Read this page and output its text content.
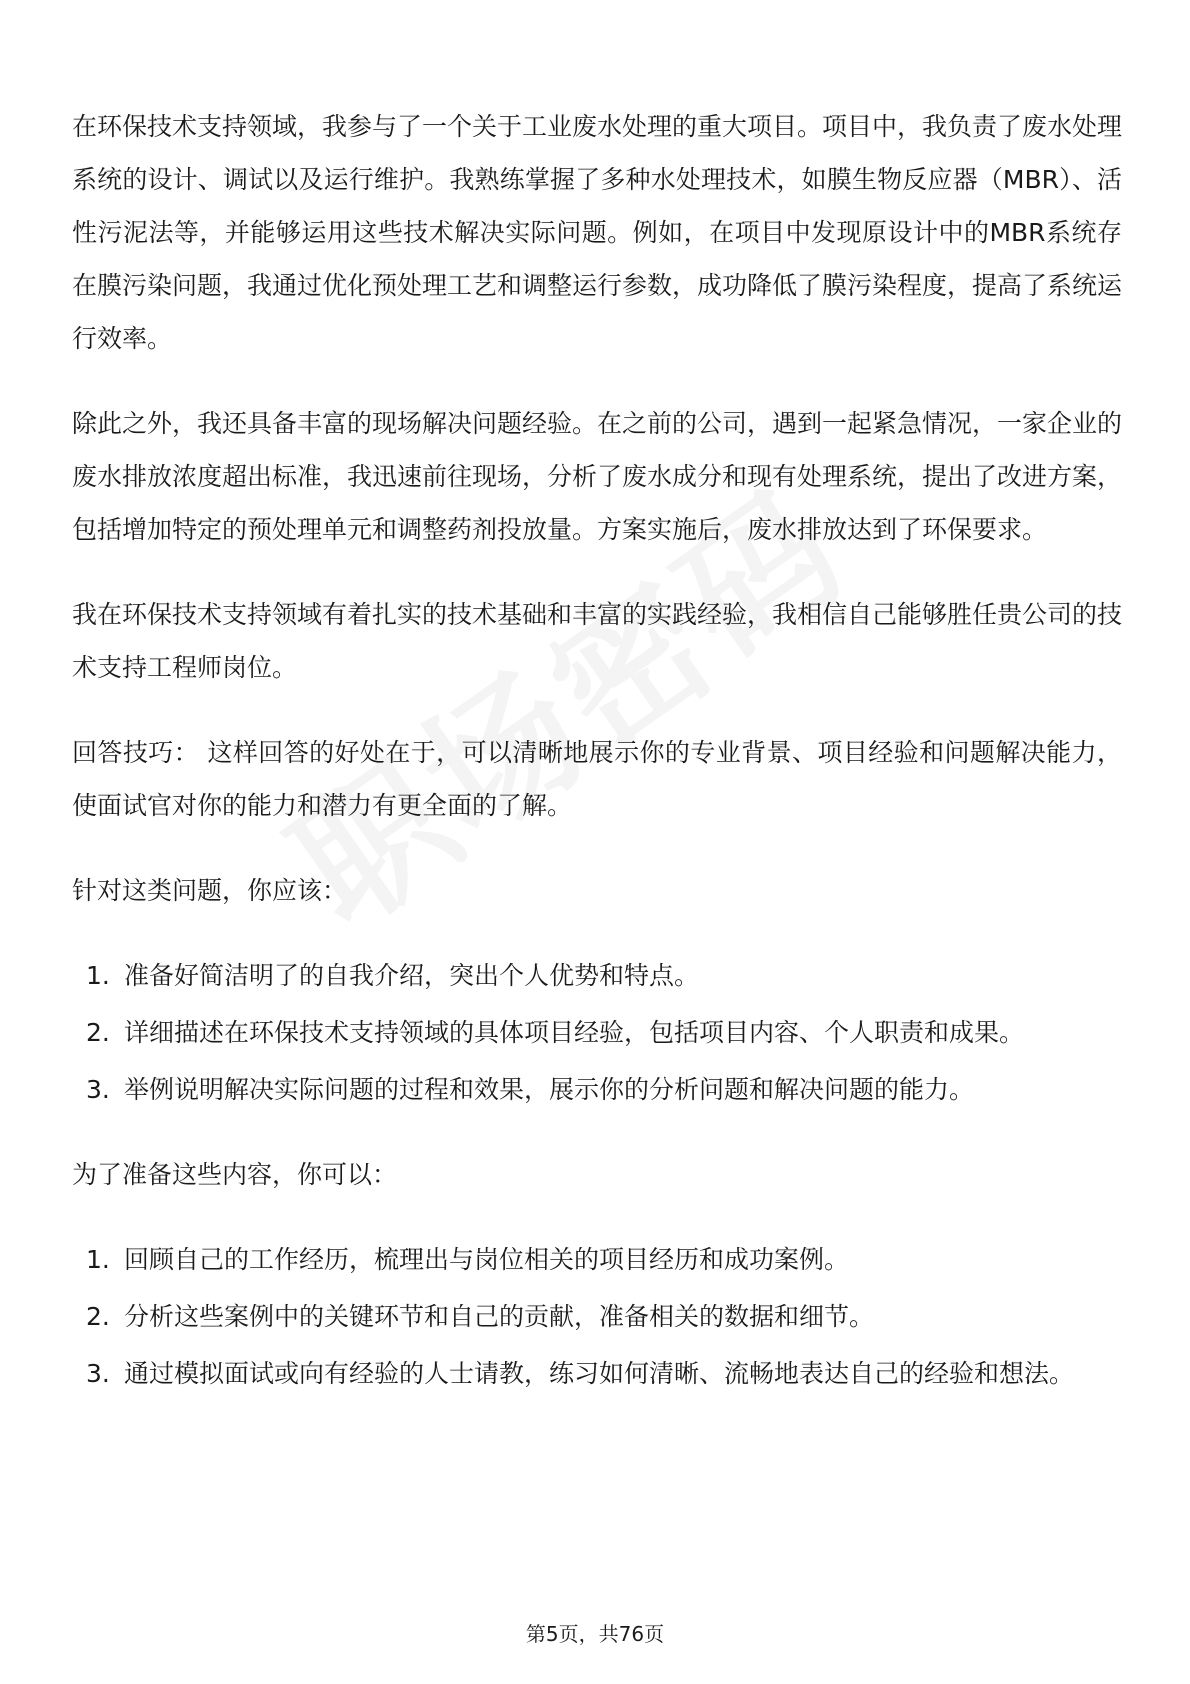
在环保技术支持领域，我参与了一个关于工业废水处理的重大项目。项目中，我负责了废水处理系统的设计、调试以及运行维护。我熟练掌握了多种水处理技术，如膜生物反应器（MBR）、活性污泥法等，并能够运用这些技术解决实际问题。例如，在项目中发现原设计中的MBR系统存在膜污染问题，我通过优化预处理工艺和调整运行参数，成功降低了膜污染程度，提高了系统运行效率。

除此之外，我还具备丰富的现场解决问题经验。在之前的公司，遇到一起紧急情况，一家企业的废水排放浓度超出标准，我迅速前往现场，分析了废水成分和现有处理系统，提出了改进方案，包括增加特定的预处理单元和调整药剂投放量。方案实施后，废水排放达到了环保要求。

我在环保技术支持领域有着扎实的技术基础和丰富的实践经验，我相信自己能够胜任贵公司的技术支持工程师岗位。

回答技巧： 这样回答的好处在于，可以清晰地展示你的专业背景、项目经验和问题解决能力，使面试官对你的能力和潜力有更全面的了解。

针对这类问题，你应该：

1. 准备好简洁明了的自我介绍，突出个人优势和特点。
2. 详细描述在环保技术支持领域的具体项目经验，包括项目内容、个人职责和成果。
3. 举例说明解决实际问题的过程和效果，展示你的分析问题和解决问题的能力。

为了准备这些内容，你可以：

1. 回顾自己的工作经历，梳理出与岗位相关的项目经历和成功案例。
2. 分析这些案例中的关键环节和自己的贡献，准备相关的数据和细节。
3. 通过模拟面试或向有经验的人士请教，练习如何清晰、流畅地表达自己的经验和想法。
第5页，共76页
